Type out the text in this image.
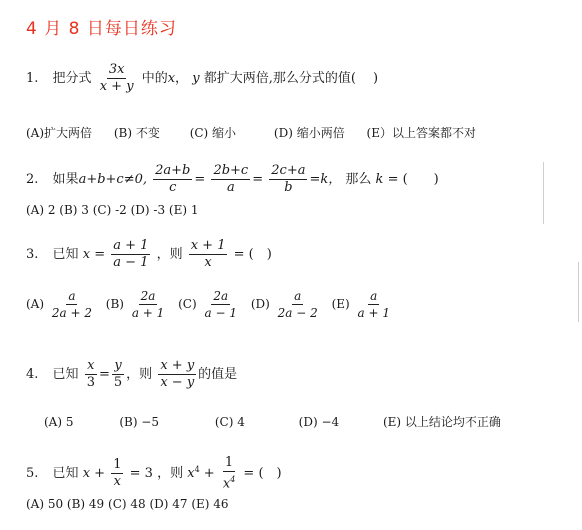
4 月 8 日每日练习
1. 把分式 $\frac{3x}{x + y}$ 中的x， y 都扩大两倍,那么分式的值(　 )
(A)扩大两倍 (B) 不变 (C) 缩小	(D) 缩小两倍 (E）以上答案都不对
2. 如果a+b+c≠0, $\frac{2a+b}{c} = \frac{2b+c}{a} = \frac{2c+a}{b} =k$， 那么 k = (　　)
(A) 2 (B) 3 (C) -2 (D) -3 (E) 1
3. 已知 $x = \frac{a + 1}{a - 1}$ ，则 $\frac{x + 1}{x}$ = (　)
$(A) \frac{a}{2a + 2} (B) \frac{2a}{a + 1} (C) \frac{2a}{a - 1} (D) \frac{a}{2a - 2} (E) \frac{a}{a + 1}$
4. 已知 $\frac{x}{3} = \frac{y}{5}$ ，则 $\frac{x + y}{x - y}$ 的值是
(A) 5	(B) −5	(C) 4	(D) −4	(E) 以上结论均不正确
5. 已知 $x + \frac{1}{x} = 3$ ，则 $x^4 + \frac{1}{x^4}$ = (　)
(A) 50 (B) 49 (C) 48 (D) 47 (E) 46
